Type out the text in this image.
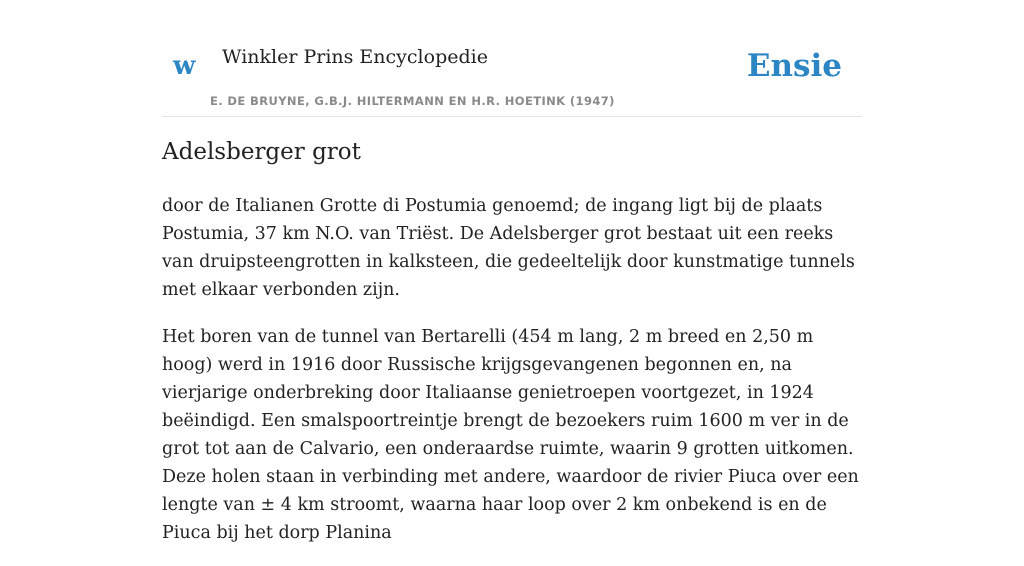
w Winkler Prins Encyclopedie
E. DE BRUYNE, G.B.J. HILTERMANN EN H.R. HOETINK (1947)
Ensie
Adelsberger grot

door de Italianen Grotte di Postumia genoemd; de ingang ligt bij de plaats Postumia, 37 km N.O. van Triëst. De Adelsberger grot bestaat uit een reeks van druipsteengrotten in kalksteen, die gedeeltelijk door kunstmatige tunnels met elkaar verbonden zijn.

Het boren van de tunnel van Bertarelli (454 m lang, 2 m breed en 2,50 m hoog) werd in 1916 door Russische krijgsgevangenen begonnen en, na vierjarige onderbreking door Italiaanse genietroepen voortgezet, in 1924 beëindigd. Een smalspoortreintje brengt de bezoekers ruim 1600 m ver in de grot tot aan de Calvario, een onderaardse ruimte, waarin 9 grotten uitkomen. Deze holen staan in verbinding met andere, waardoor de rivier Piuca over een lengte van ± 4 km stroomt, waarna haar loop over 2 km onbekend is en de Piuca bij het dorp Planina
